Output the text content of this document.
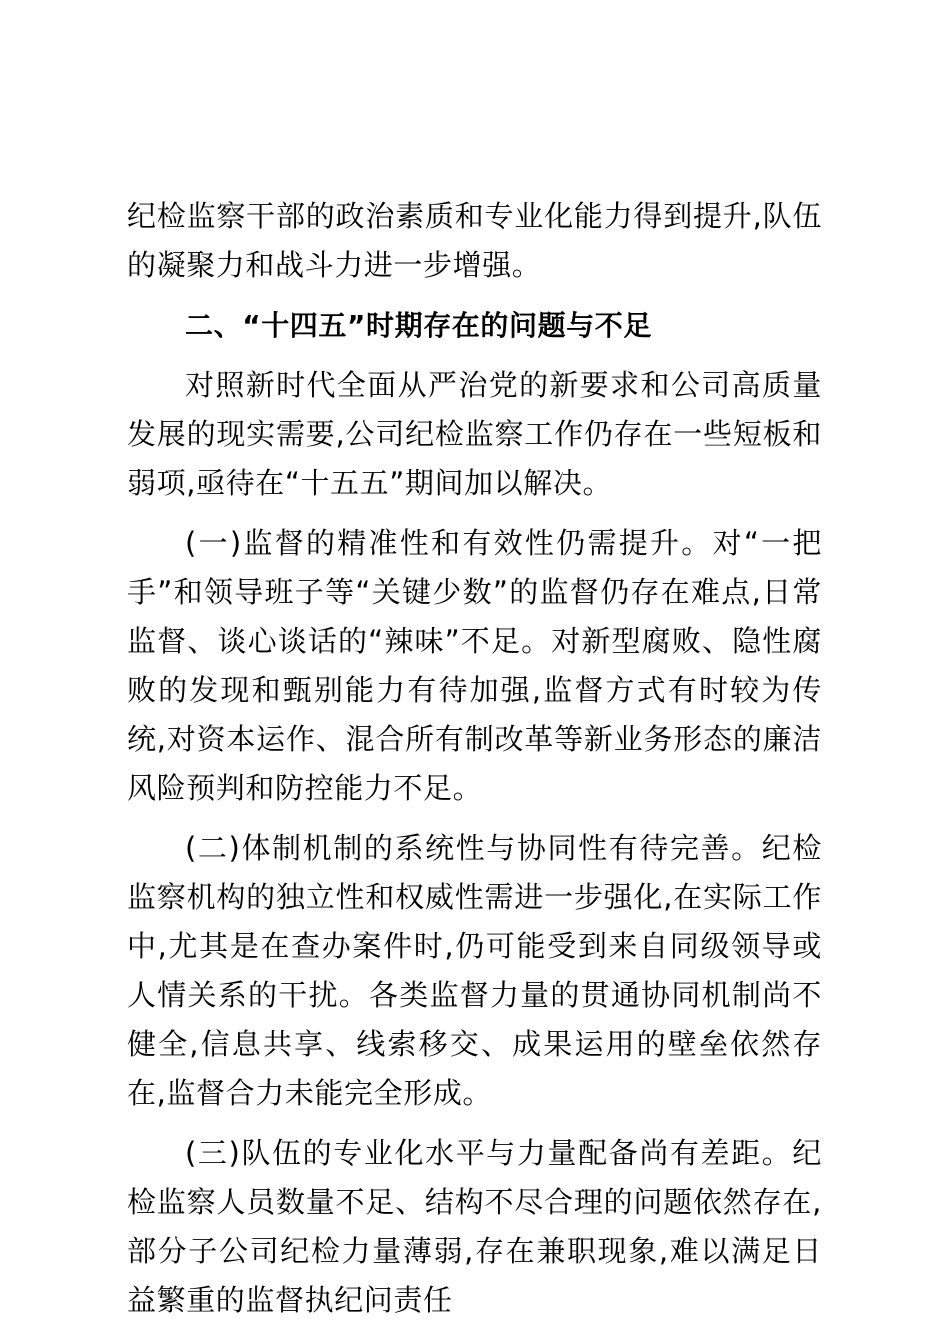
纪检监察干部的政治素质和专业化能力得到提升,队伍的凝聚力和战斗力进一步增强。

二、“十四五”时期存在的问题与不足

对照新时代全面从严治党的新要求和公司高质量发展的现实需要,公司纪检监察工作仍存在一些短板和弱项,亟待在“十五五”期间加以解决。

(一)监督的精准性和有效性仍需提升。对“一把手”和领导班子等“关键少数”的监督仍存在难点,日常监督、谈心谈话的“辣味”不足。对新型腐败、隐性腐败的发现和甄别能力有待加强,监督方式有时较为传统,对资本运作、混合所有制改革等新业务形态的廉洁风险预判和防控能力不足。

(二)体制机制的系统性与协同性有待完善。纪检监察机构的独立性和权威性需进一步强化,在实际工作中,尤其是在查办案件时,仍可能受到来自同级领导或人情关系的干扰。各类监督力量的贯通协同机制尚不健全,信息共享、线索移交、成果运用的壁垒依然存在,监督合力未能完全形成。

(三)队伍的专业化水平与力量配备尚有差距。纪检监察人员数量不足、结构不尽合理的问题依然存在,部分子公司纪检力量薄弱,存在兼职现象,难以满足日益繁重的监督执纪问责任
